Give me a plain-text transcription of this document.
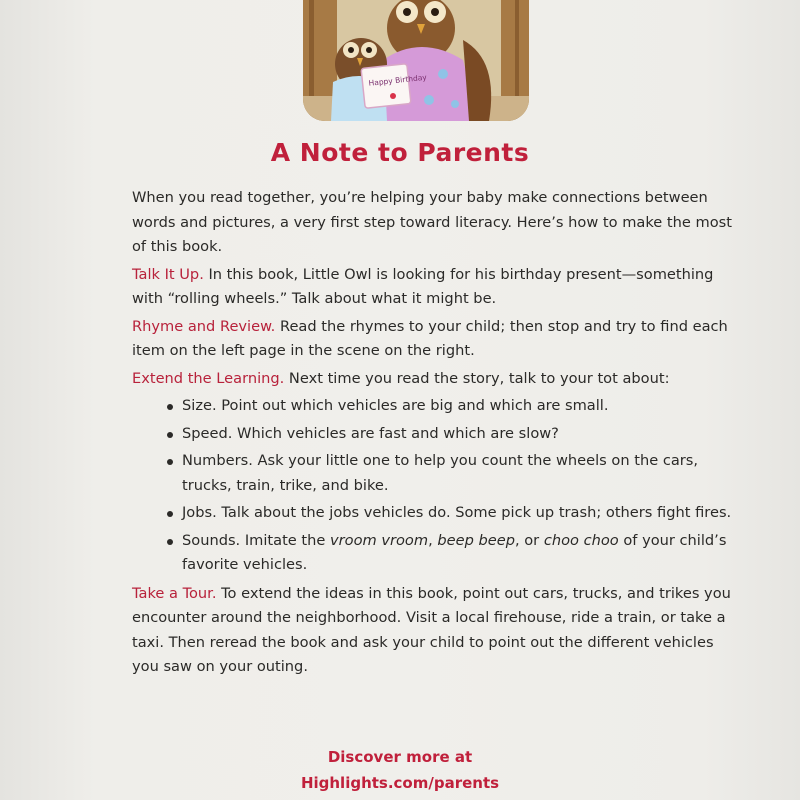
Happy Birthday
A Note to Parents

When you read together, you’re helping your baby make connections between words and pictures, a very first step toward literacy. Here’s how to make the most of this book.

Talk It Up. In this book, Little Owl is looking for his birthday present—something with “rolling wheels.” Talk about what it might be.

Rhyme and Review. Read the rhymes to your child; then stop and try to find each item on the left page in the scene on the right.

Extend the Learning. Next time you read the story, talk to your tot about:

Size. Point out which vehicles are big and which are small.
Speed. Which vehicles are fast and which are slow?
Numbers. Ask your little one to help you count the wheels on the cars, trucks, train, trike, and bike.
Jobs. Talk about the jobs vehicles do. Some pick up trash; others fight fires.
Sounds. Imitate the vroom vroom, beep beep, or choo choo of your child’s favorite vehicles.

Take a Tour. To extend the ideas in this book, point out cars, trucks, and trikes you encounter around the neighborhood. Visit a local firehouse, ride a train, or take a taxi. Then reread the book and ask your child to point out the different vehicles you saw on your outing.

Discover more at
Highlights.com/parents
